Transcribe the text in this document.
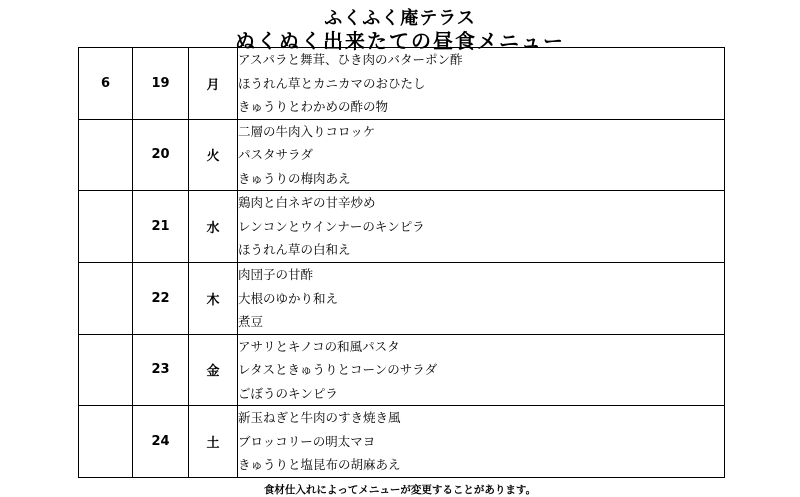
ふくふく庵テラス
ぬくぬく出来たての昼食メニュー
6	19	月	アスパラと舞茸、ひき肉のバターポン酢
ほうれん草とカニカマのおひたし
きゅうりとわかめの酢の物

	20	火	二層の牛肉入りコロッケ
パスタサラダ
きゅうりの梅肉あえ

	21	水	鶏肉と白ネギの甘辛炒め
レンコンとウインナーのキンピラ
ほうれん草の白和え

	22	木	肉団子の甘酢
大根のゆかり和え
煮豆

	23	金	アサリとキノコの和風パスタ
レタスときゅうりとコーンのサラダ
ごぼうのキンピラ

	24	土	新玉ねぎと牛肉のすき焼き風
ブロッコリーの明太マヨ
きゅうりと塩昆布の胡麻あえ
食材仕入れによってメニューが変更することがあります。
